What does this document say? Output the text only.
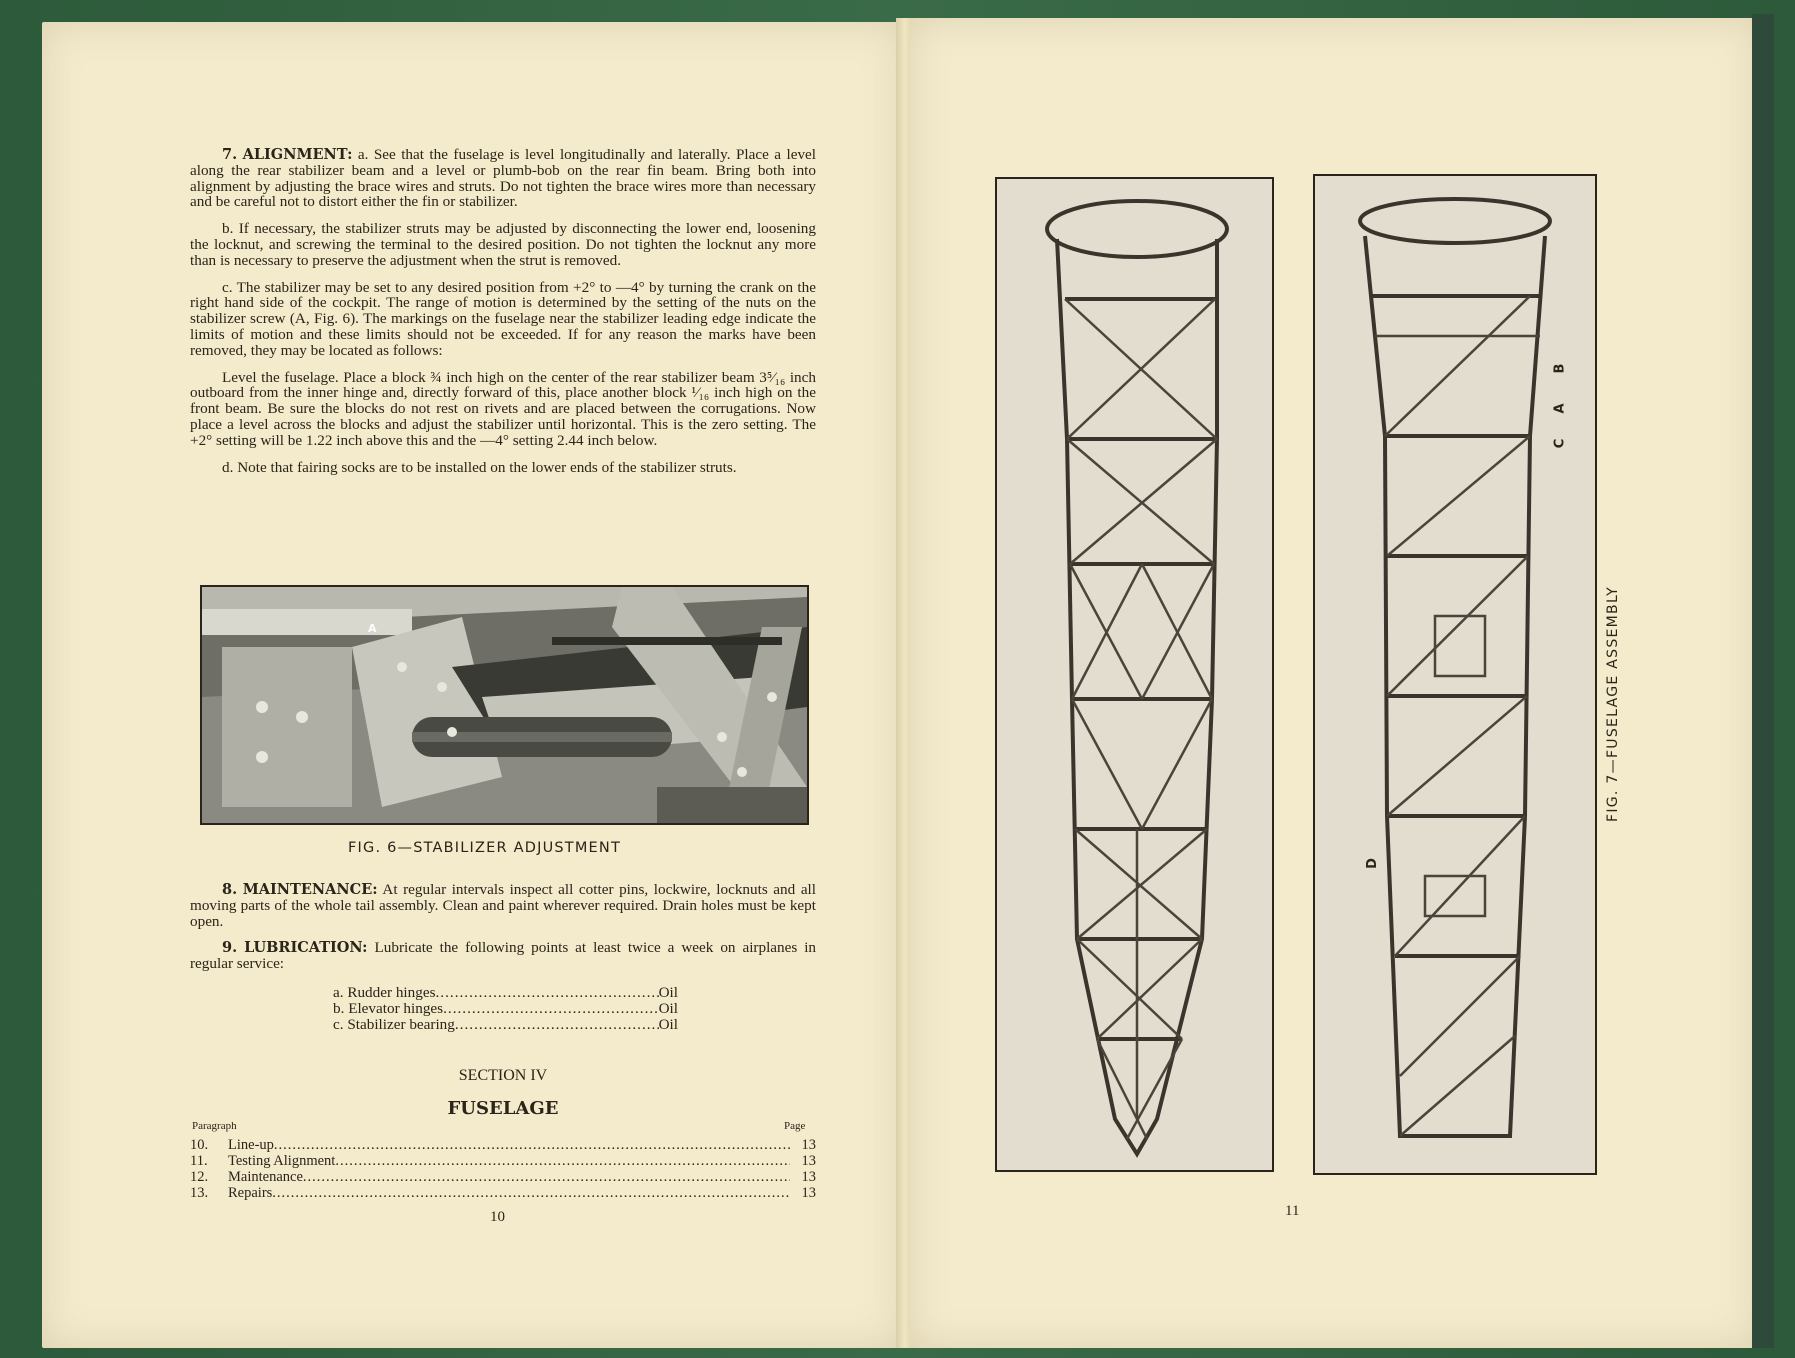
7. ALIGNMENT: a. See that the fuselage is level longitudinally and laterally. Place a level along the rear stabilizer beam and a level or plumb-bob on the rear fin beam. Bring both into alignment by adjusting the brace wires and struts. Do not tighten the brace wires more than necessary and be careful not to distort either the fin or stabilizer.

b. If necessary, the stabilizer struts may be adjusted by disconnecting the lower end, loosening the locknut, and screwing the terminal to the desired position. Do not tighten the locknut any more than is necessary to preserve the adjustment when the strut is removed.

c. The stabilizer may be set to any desired position from +2° to —4° by turning the crank on the right hand side of the cockpit. The range of motion is determined by the setting of the nuts on the stabilizer screw (A, Fig. 6). The markings on the fuselage near the stabilizer leading edge indicate the limits of motion and these limits should not be exceeded. If for any reason the marks have been removed, they may be located as follows:

Level the fuselage. Place a block ¾ inch high on the center of the rear stabilizer beam 3⁵⁄₁₆ inch outboard from the inner hinge and, directly forward of this, place another block ¹⁄₁₆ inch high on the front beam. Be sure the blocks do not rest on rivets and are placed between the corrugations. Now place a level across the blocks and adjust the stabilizer until horizontal. This is the zero setting. The +2° setting will be 1.22 inch above this and the —4° setting 2.44 inch below.

d. Note that fairing socks are to be installed on the lower ends of the stabilizer struts.

A
FIG. 6—STABILIZER ADJUSTMENT

8. MAINTENANCE: At regular intervals inspect all cotter pins, lockwire, locknuts and all moving parts of the whole tail assembly. Clean and paint wherever required. Drain holes must be kept open.

9. LUBRICATION: Lubricate the following points at least twice a week on airplanes in regular service:

a. Rudder hinges .....	Oil
b. Elevator hinges .....	Oil
c. Stabilizer bearing .....	Oil
SECTION IV
FUSELAGE
Paragraph	Page
10.	Line-up .....	13
11.	Testing Alignment .....	13
12.	Maintenance .....	13
13.	Repairs .....	13
10
C
A
B
D
FIG. 7—FUSELAGE ASSEMBLY
11
